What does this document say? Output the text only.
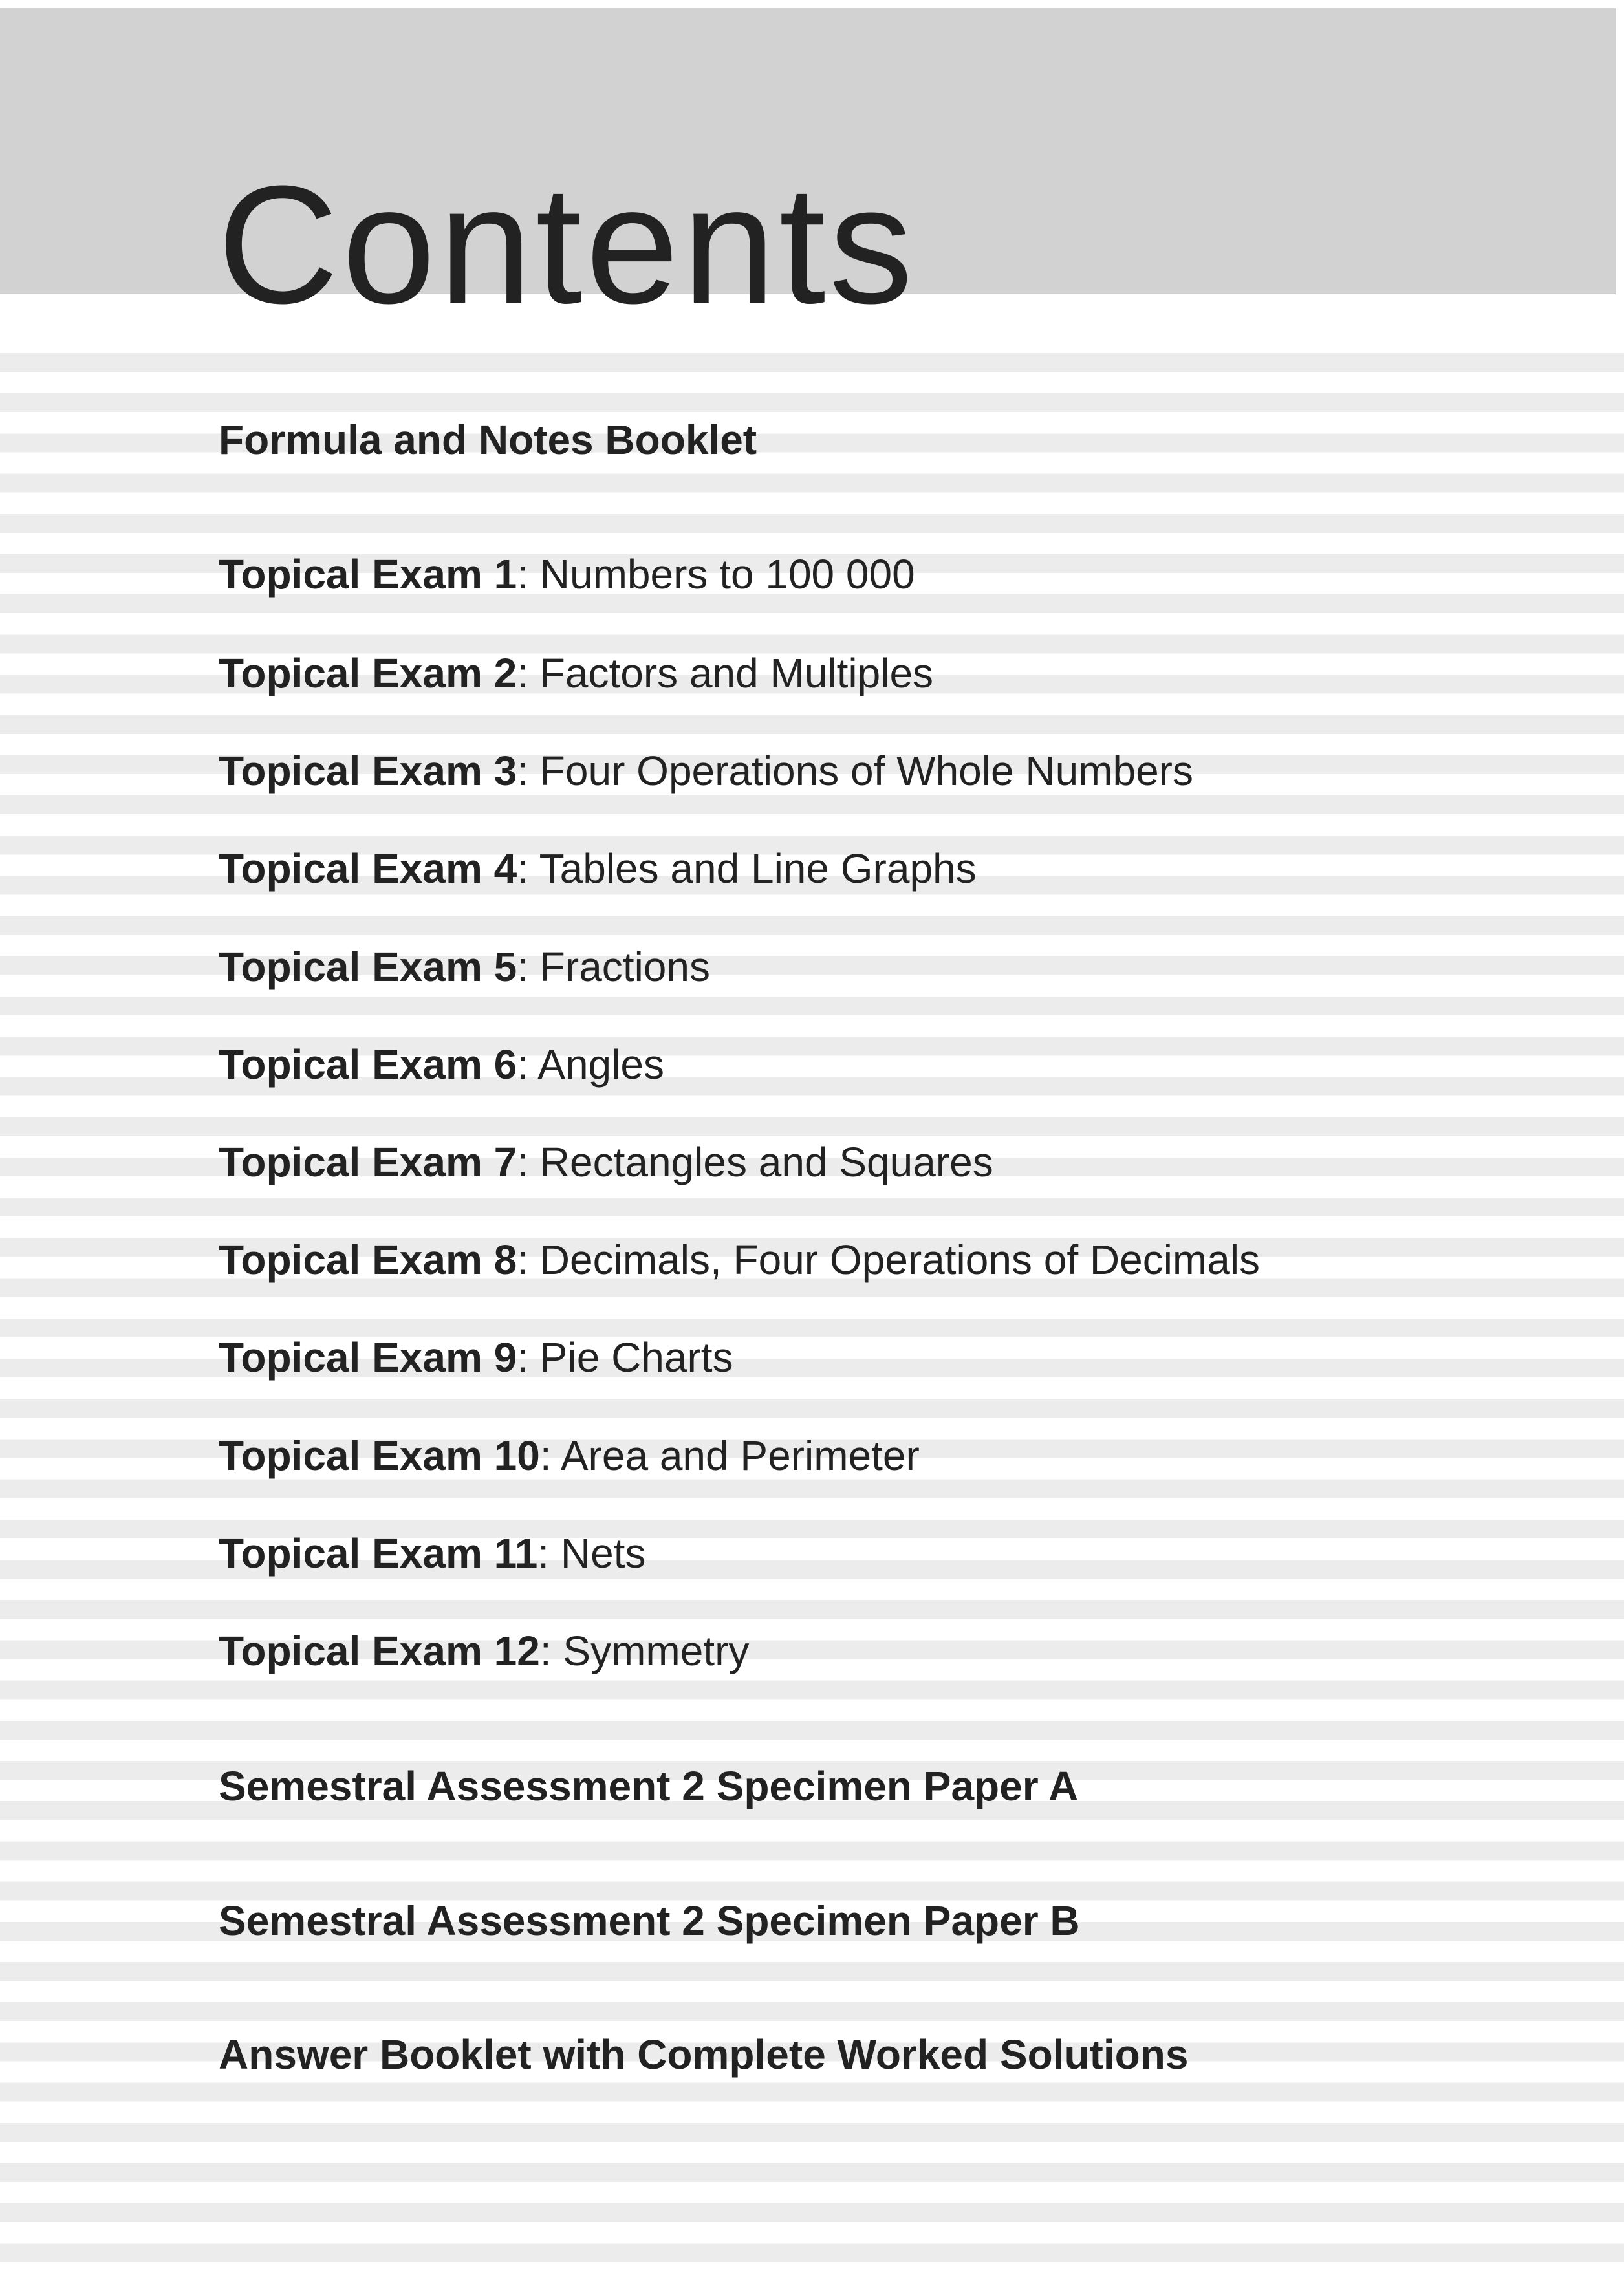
Contents
Formula and Notes Booklet
Topical Exam 1: Numbers to 100 000
Topical Exam 2: Factors and Multiples
Topical Exam 3: Four Operations of Whole Numbers
Topical Exam 4: Tables and Line Graphs
Topical Exam 5: Fractions
Topical Exam 6: Angles
Topical Exam 7: Rectangles and Squares
Topical Exam 8: Decimals, Four Operations of Decimals
Topical Exam 9: Pie Charts
Topical Exam 10: Area and Perimeter
Topical Exam 11: Nets
Topical Exam 12: Symmetry
Semestral Assessment 2 Specimen Paper A
Semestral Assessment 2 Specimen Paper B
Answer Booklet with Complete Worked Solutions
